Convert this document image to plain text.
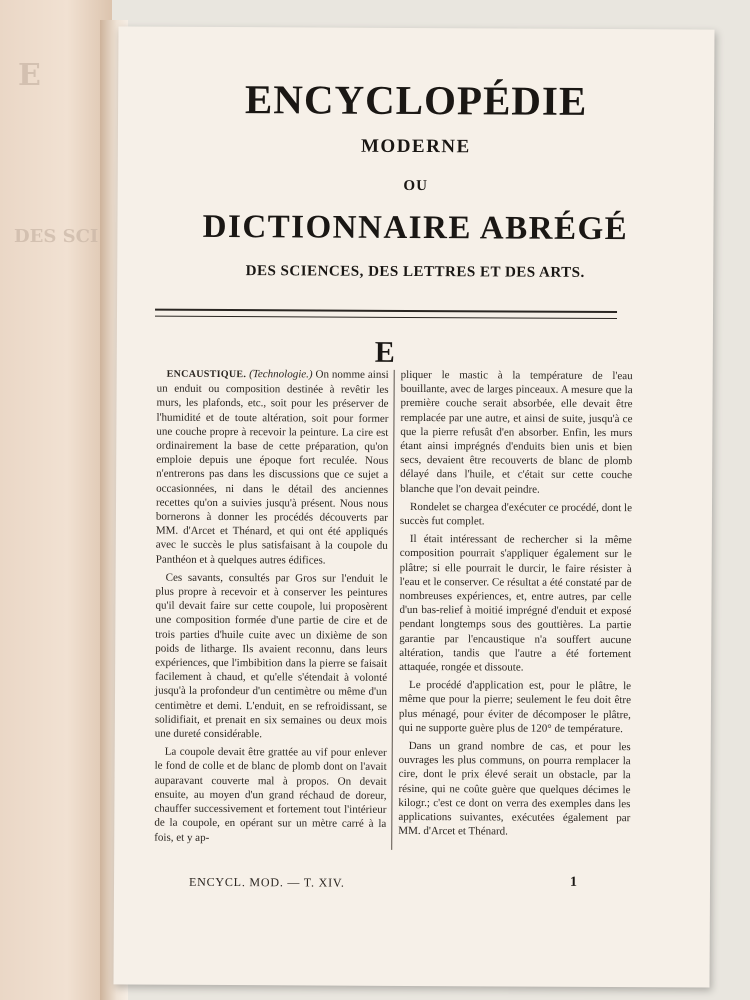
E
DES SCI
ENCYCLOPÉDIE
MODERNE
OU
DICTIONNAIRE ABRÉGÉ
DES SCIENCES, DES LETTRES ET DES ARTS.
E

ENCAUSTIQUE. (Technologie.) On nomme ainsi un enduit ou composition destinée à revêtir les murs, les plafonds, etc., soit pour les préserver de l'humidité et de toute altération, soit pour former une couche propre à recevoir la peinture. La cire est ordinairement la base de cette préparation, qu'on emploie depuis une époque fort reculée. Nous n'entrerons pas dans les discussions que ce sujet a occasionnées, ni dans le détail des anciennes recettes qu'on a suivies jusqu'à présent. Nous nous bornerons à donner les procédés découverts par MM. d'Arcet et Thénard, et qui ont été appliqués avec le succès le plus satisfaisant à la coupole du Panthéon et à quelques autres édifices.

Ces savants, consultés par Gros sur l'enduit le plus propre à recevoir et à conserver les peintures qu'il devait faire sur cette coupole, lui proposèrent une composition formée d'une partie de cire et de trois parties d'huile cuite avec un dixième de son poids de litharge. Ils avaient reconnu, dans leurs expériences, que l'imbibition dans la pierre se faisait facilement à chaud, et qu'elle s'étendait à volonté jusqu'à la profondeur d'un centimètre ou même d'un centimètre et demi. L'enduit, en se refroidissant, se solidifiait, et prenait en six semaines ou deux mois une dureté considérable.

La coupole devait être grattée au vif pour enlever le fond de colle et de blanc de plomb dont on l'avait auparavant couverte mal à propos. On devait ensuite, au moyen d'un grand réchaud de doreur, chauffer successivement et fortement tout l'intérieur de la coupole, en opérant sur un mètre carré à la fois, et y ap-

pliquer le mastic à la température de l'eau bouillante, avec de larges pinceaux. A mesure que la première couche serait absorbée, elle devait être remplacée par une autre, et ainsi de suite, jusqu'à ce que la pierre refusât d'en absorber. Enfin, les murs étant ainsi imprégnés d'enduits bien unis et bien secs, devaient être recouverts de blanc de plomb délayé dans l'huile, et c'était sur cette couche blanche que l'on devait peindre.

Rondelet se chargea d'exécuter ce procédé, dont le succès fut complet.

Il était intéressant de rechercher si la même composition pourrait s'appliquer également sur le plâtre; si elle pourrait le durcir, le faire résister à l'eau et le conserver. Ce résultat a été constaté par de nombreuses expériences, et, entre autres, par celle d'un bas-relief à moitié imprégné d'enduit et exposé pendant longtemps sous des gouttières. La partie garantie par l'encaustique n'a souffert aucune altération, tandis que l'autre a été fortement attaquée, rongée et dissoute.

Le procédé d'application est, pour le plâtre, le même que pour la pierre; seulement le feu doit être plus ménagé, pour éviter de décomposer le plâtre, qui ne supporte guère plus de 120° de température.

Dans un grand nombre de cas, et pour les ouvrages les plus communs, on pourra remplacer la cire, dont le prix élevé serait un obstacle, par la résine, qui ne coûte guère que quelques décimes le kilogr.; c'est ce dont on verra des exemples dans les applications suivantes, exécutées également par MM. d'Arcet et Thénard.

ENCYCL. MOD. — T. XIV.	1
